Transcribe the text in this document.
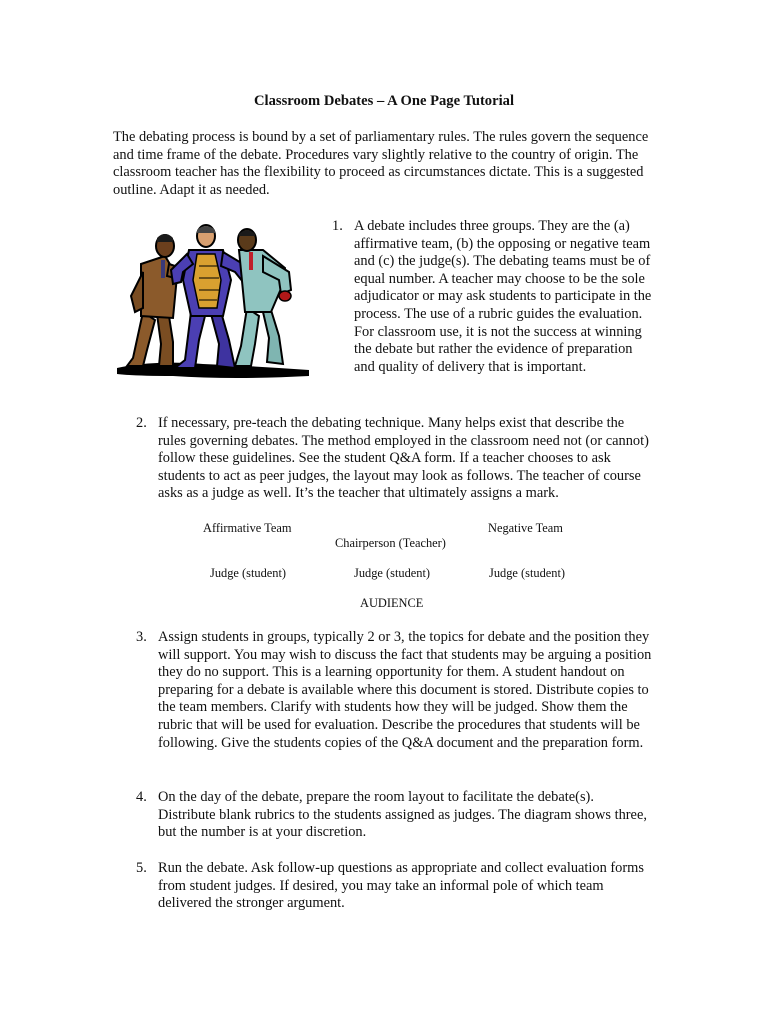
Classroom Debates – A One Page Tutorial

The debating process is bound by a set of parliamentary rules. The rules govern the sequence and time frame of the debate. Procedures vary slightly relative to the country of origin. The classroom teacher has the flexibility to proceed as circumstances dictate. This is a suggested outline. Adapt it as needed.

1. A debate includes three groups. They are the (a) affirmative team, (b) the opposing or negative team and (c) the judge(s). The debating teams must be of equal number. A teacher may choose to be the sole adjudicator or may ask students to participate in the process. The use of a rubric guides the evaluation. For classroom use, it is not the success at winning the debate but rather the evidence of preparation and quality of delivery that is important.
2. If necessary, pre-teach the debating technique. Many helps exist that describe the rules governing debates. The method employed in the classroom need not (or cannot) follow these guidelines. See the student Q&A form. If a teacher chooses to ask students to act as peer judges, the layout may look as follows. The teacher of course asks as a judge as well. It’s the teacher that ultimately assigns a mark.
Affirmative Team	Negative Team
Chairperson (Teacher)
Judge (student)	Judge (student)	Judge (student)
AUDIENCE
3. Assign students in groups, typically 2 or 3, the topics for debate and the position they will support. You may wish to discuss the fact that students may be arguing a position they do no support. This is a learning opportunity for them. A student handout on preparing for a debate is available where this document is stored. Distribute copies to the team members. Clarify with students how they will be judged. Show them the rubric that will be used for evaluation. Describe the procedures that students will be following. Give the students copies of the Q&A document and the preparation form.
4. On the day of the debate, prepare the room layout to facilitate the debate(s). Distribute blank rubrics to the students assigned as judges. The diagram shows three, but the number is at your discretion.
5. Run the debate. Ask follow-up questions as appropriate and collect evaluation forms from student judges. If desired, you may take an informal pole of which team delivered the stronger argument.
